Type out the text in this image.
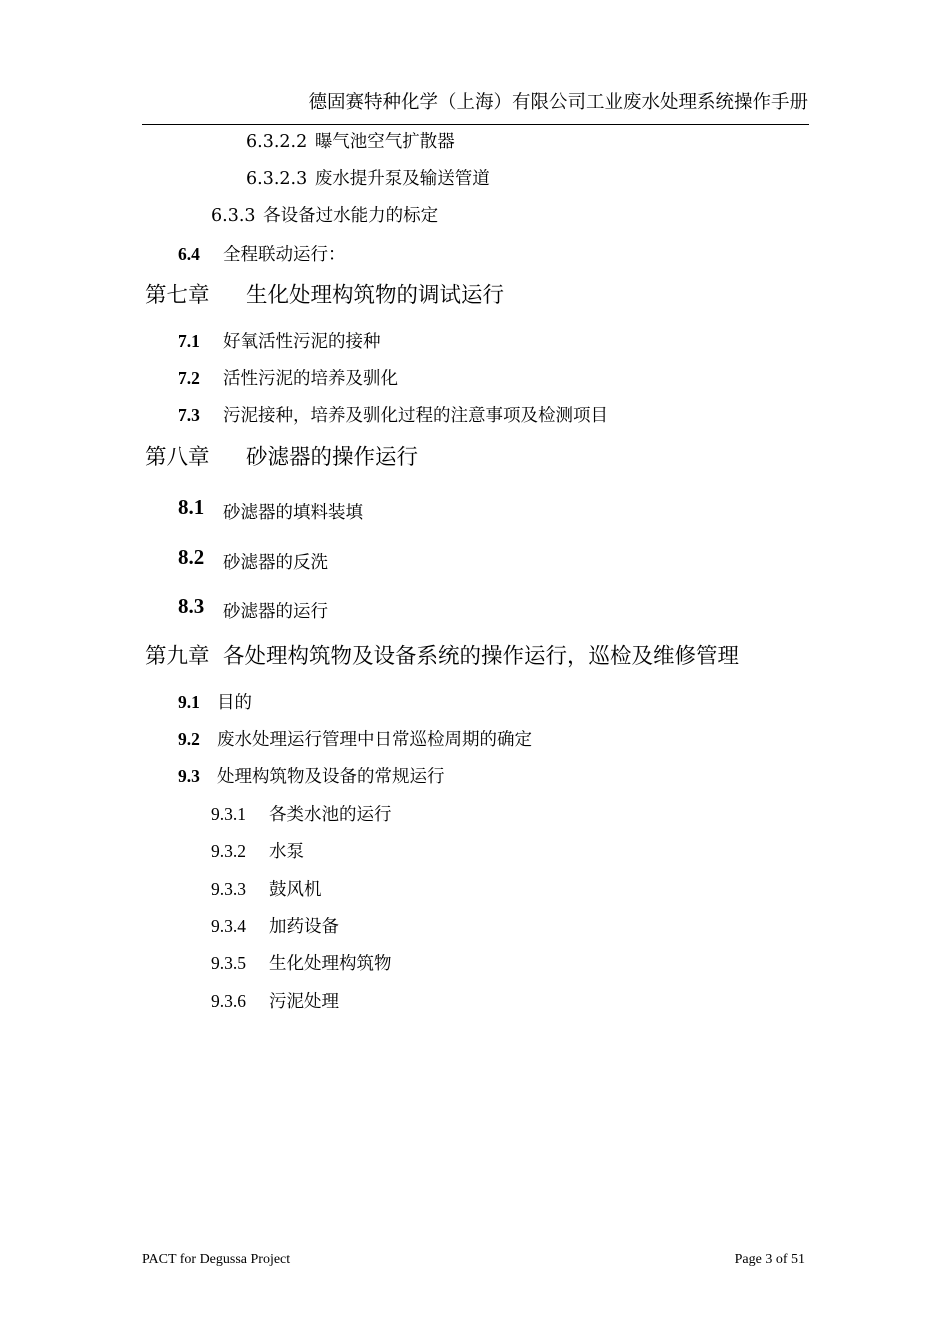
德固赛特种化学（上海）有限公司工业废水处理系统操作手册
6.3.2.2 曝气池空气扩散器
6.3.2.3 废水提升泵及输送管道
6.3.3 各设备过水能力的标定
6.4 全程联动运行：
第七章 生化处理构筑物的调试运行
7.1 好氧活性污泥的接种
7.2 活性污泥的培养及驯化
7.3 污泥接种，培养及驯化过程的注意事项及检测项目
第八章 砂滤器的操作运行
8.1 砂滤器的填料装填
8.2 砂滤器的反洗
8.3 砂滤器的运行
第九章 各处理构筑物及设备系统的操作运行，巡检及维修管理
9.1 目的
9.2 废水处理运行管理中日常巡检周期的确定
9.3 处理构筑物及设备的常规运行
9.3.1 各类水池的运行
9.3.2 水泵
9.3.3 鼓风机
9.3.4 加药设备
9.3.5 生化处理构筑物
9.3.6 污泥处理
PACT for Degussa Project	Page 3 of 51
